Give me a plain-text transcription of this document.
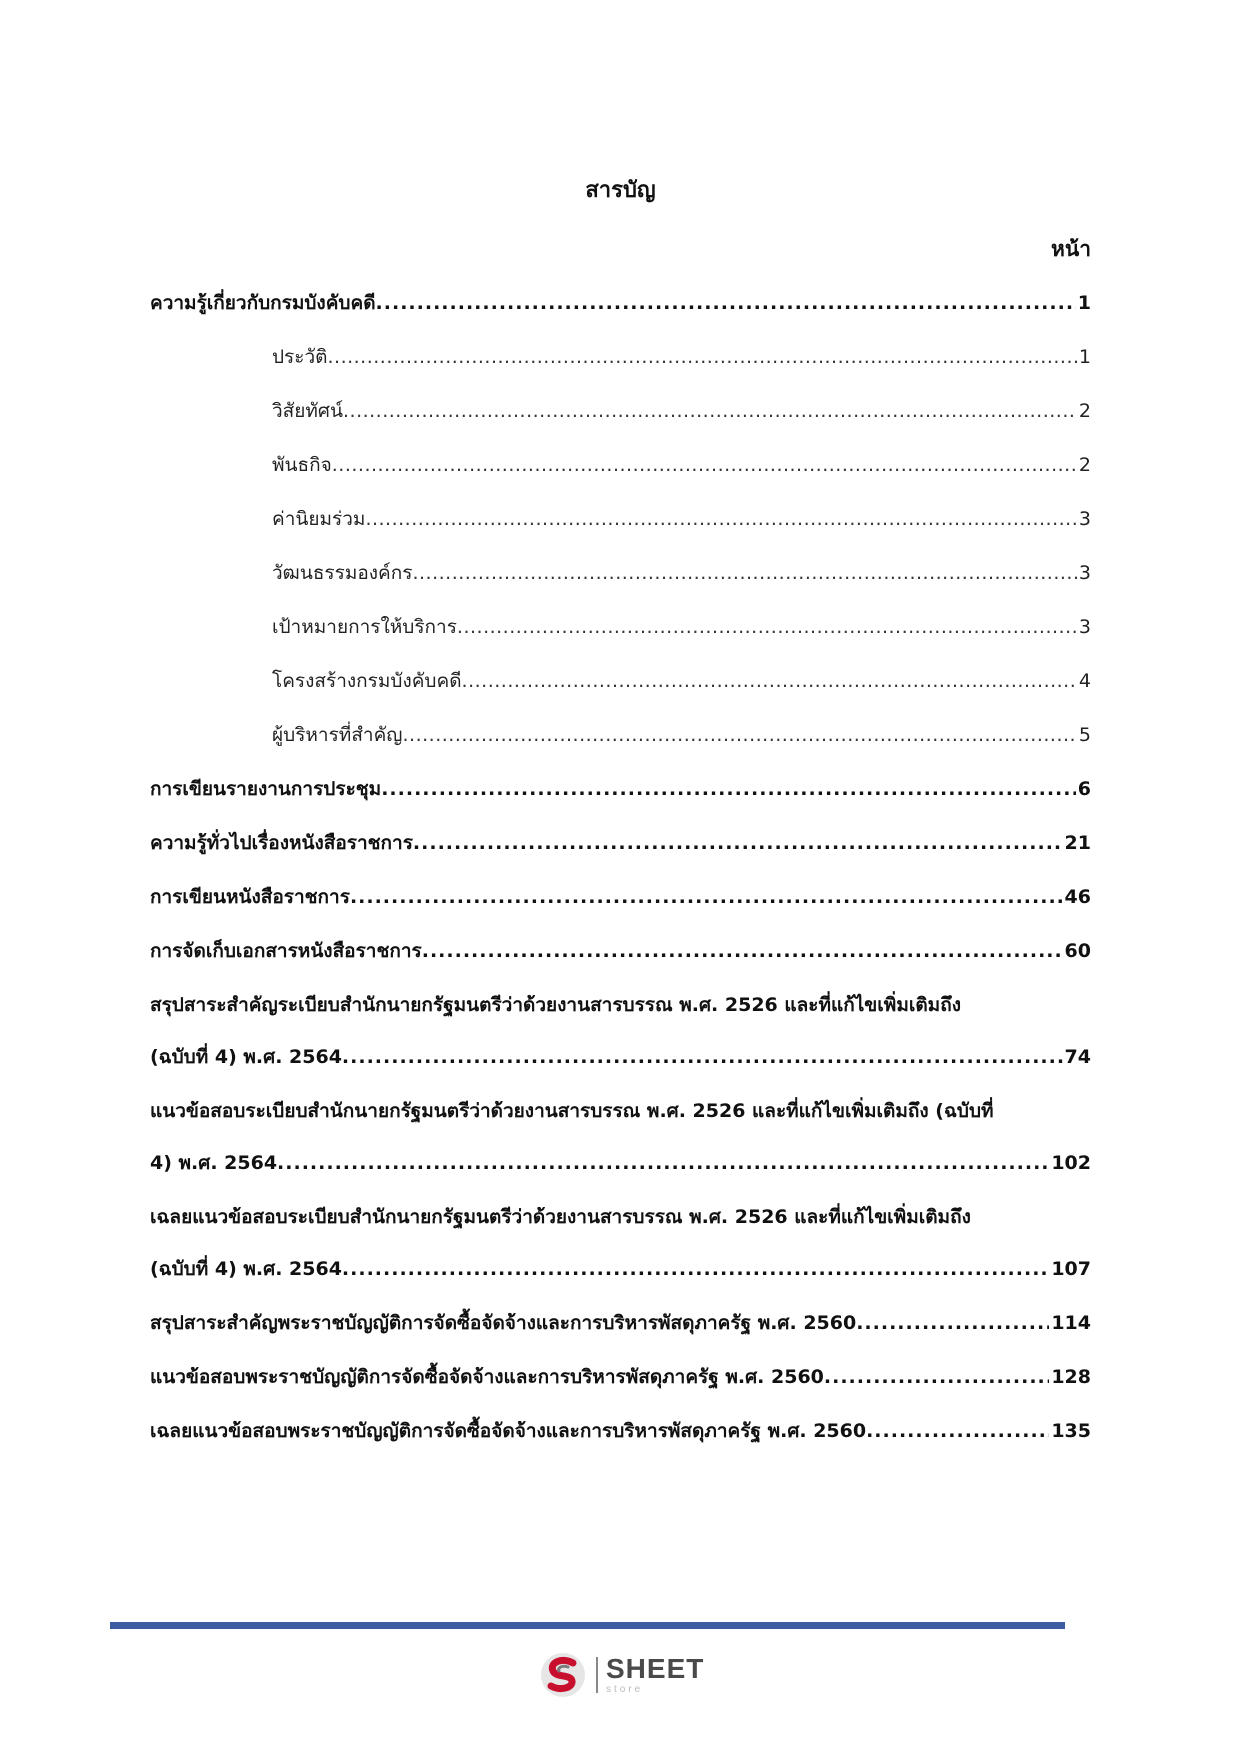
สารบัญ
หน้า
ความรู้เกี่ยวกับกรมบังคับคดี .....	1
ประวัติ .....	1
วิสัยทัศน์ .....	2
พันธกิจ .....	2
ค่านิยมร่วม .....	3
วัฒนธรรมองค์กร .....	3
เป้าหมายการให้บริการ .....	3
โครงสร้างกรมบังคับคดี .....	4
ผู้บริหารที่สำคัญ .....	5
การเขียนรายงานการประชุม .....	6
ความรู้ทั่วไปเรื่องหนังสือราชการ .....	21
การเขียนหนังสือราชการ .....	46
การจัดเก็บเอกสารหนังสือราชการ .....	60
สรุปสาระสำคัญระเบียบสำนักนายกรัฐมนตรีว่าด้วยงานสารบรรณ พ.ศ. 2526 และที่แก้ไขเพิ่มเติมถึง
(ฉบับที่ 4) พ.ศ. 2564 .....	74
แนวข้อสอบระเบียบสำนักนายกรัฐมนตรีว่าด้วยงานสารบรรณ พ.ศ. 2526 และที่แก้ไขเพิ่มเติมถึง (ฉบับที่
4) พ.ศ. 2564 .....	102
เฉลยแนวข้อสอบระเบียบสำนักนายกรัฐมนตรีว่าด้วยงานสารบรรณ พ.ศ. 2526 และที่แก้ไขเพิ่มเติมถึง
(ฉบับที่ 4) พ.ศ. 2564 .....	107
สรุปสาระสำคัญพระราชบัญญัติการจัดซื้อจัดจ้างและการบริหารพัสดุภาครัฐ พ.ศ. 2560 .....	114
แนวข้อสอบพระราชบัญญัติการจัดซื้อจัดจ้างและการบริหารพัสดุภาครัฐ พ.ศ. 2560 .....	128
เฉลยแนวข้อสอบพระราชบัญญัติการจัดซื้อจัดจ้างและการบริหารพัสดุภาครัฐ พ.ศ. 2560 .....	135
SHEET
store
